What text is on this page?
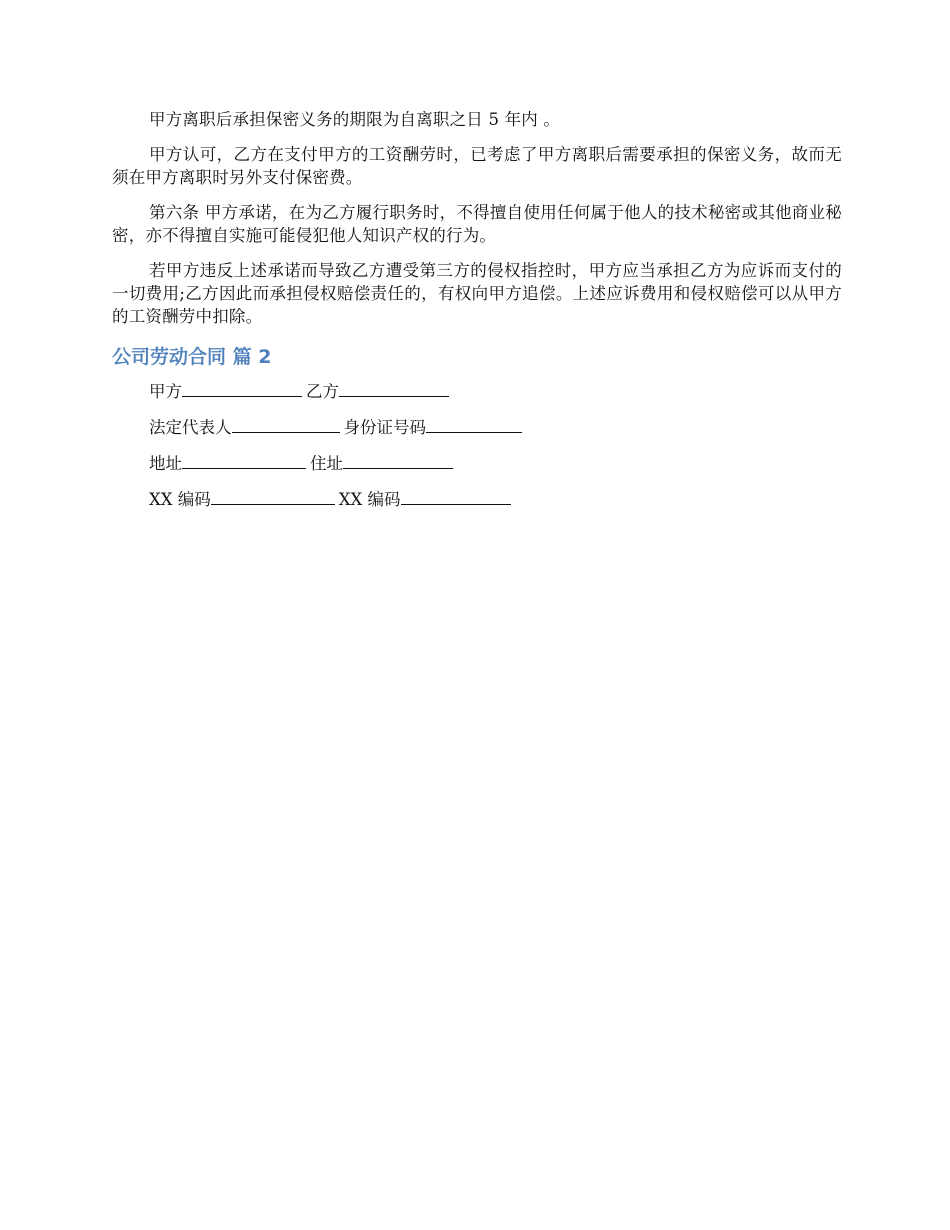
甲方离职后承担保密义务的期限为自离职之日 5 年内 。

甲方认可，乙方在支付甲方的工资酬劳时，已考虑了甲方离职后需要承担的保密义务，故而无须在甲方离职时另外支付保密费。

第六条 甲方承诺，在为乙方履行职务时，不得擅自使用任何属于他人的技术秘密或其他商业秘密，亦不得擅自实施可能侵犯他人知识产权的行为。

若甲方违反上述承诺而导致乙方遭受第三方的侵权指控时，甲方应当承担乙方为应诉而支付的一切费用;乙方因此而承担侵权赔偿责任的，有权向甲方追偿。上述应诉费用和侵权赔偿可以从甲方的工资酬劳中扣除。

公司劳动合同 篇 2
甲方	乙方
法定代表人	身份证号码
地址	住址
XX 编码	XX 编码
